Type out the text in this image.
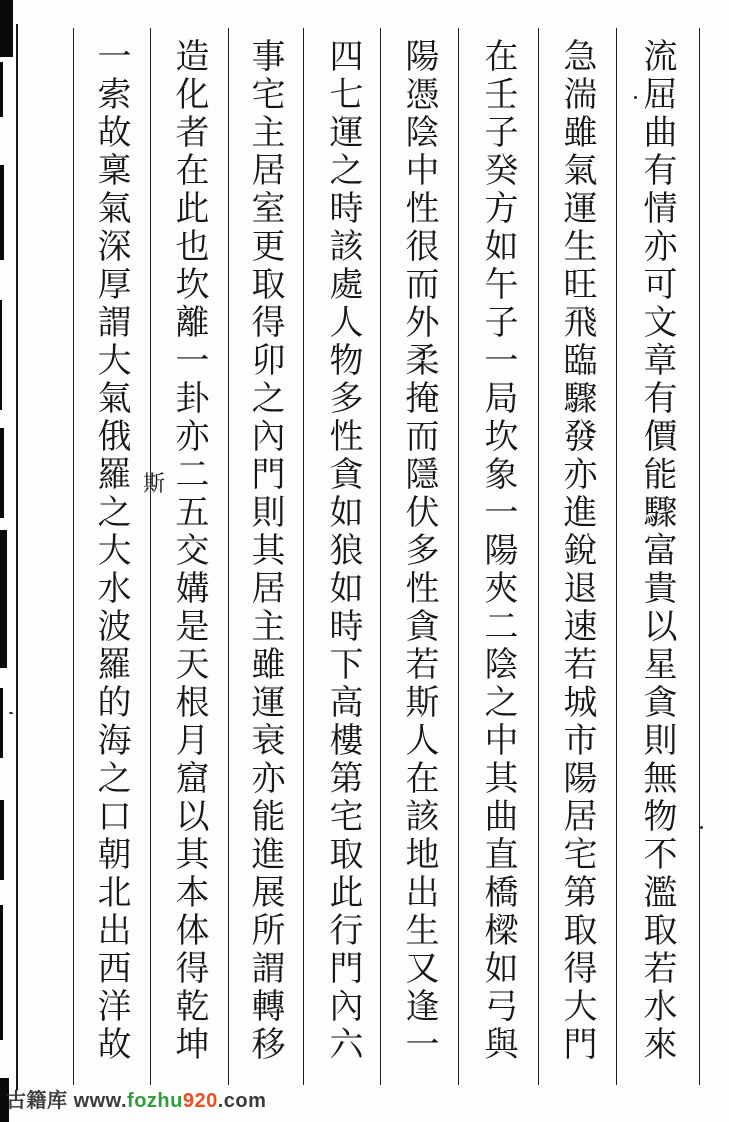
流屈曲有情亦可文章有價能驟富貴以星貪則無物不濫取若水來
急湍雖氣運生旺飛臨驟發亦進銳退速若城市陽居宅第取得大門
在壬子癸方如午子一局坎象一陽夾二陰之中其曲直橋樑如弓與
陽憑陰中性很而外柔掩而隱伏多性貪若斯人在該地出生又逢一
四七運之時該處人物多性貪如狼如時下高樓第宅取此行門內六
事宅主居室更取得卯之內門則其居主雖運衰亦能進展所謂轉移
造化者在此也坎離一卦亦二五交媾是天根月窟以其本体得乾坤
一索故稟氣深厚謂大氣俄羅之大水波羅的海之口朝北出西洋故 斯
古籍库 www.fozhu920.com
